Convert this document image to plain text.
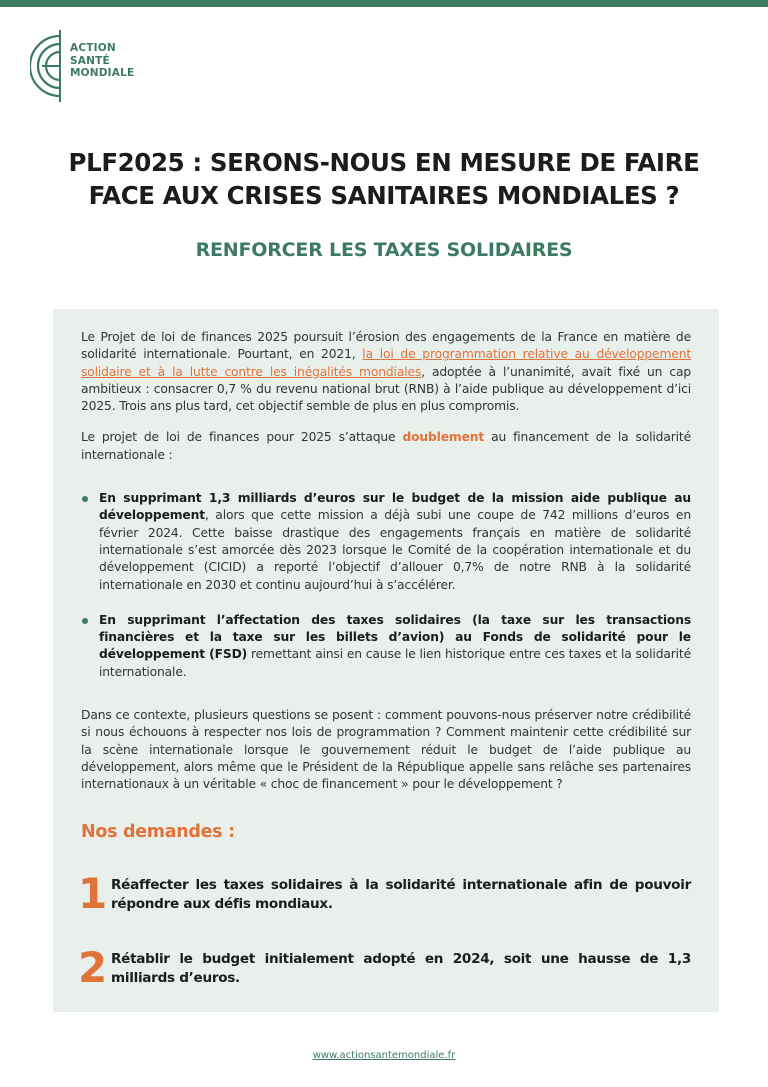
ACTION
SANTÉ
MONDIALE
PLF2025 : SERONS-NOUS EN MESURE DE FAIRE
FACE AUX CRISES SANITAIRES MONDIALES ?
RENFORCER LES TAXES SOLIDAIRES

Le Projet de loi de finances 2025 poursuit l’érosion des engagements de la France en matière de solidarité internationale. Pourtant, en 2021, la loi de programmation relative au développement solidaire et à la lutte contre les inégalités mondiales, adoptée à l’unanimité, avait fixé un cap ambitieux : consacrer 0,7 % du revenu national brut (RNB) à l’aide publique au développement d’ici 2025. Trois ans plus tard, cet objectif semble de plus en plus compromis.

Le projet de loi de finances pour 2025 s’attaque doublement au financement de la solidarité internationale :

En supprimant 1,3 milliards d’euros sur le budget de la mission aide publique au développement, alors que cette mission a déjà subi une coupe de 742 millions d’euros en février 2024. Cette baisse drastique des engagements français en matière de solidarité internationale s’est amorcée dès 2023 lorsque le Comité de la coopération internationale et du développement (CICID) a reporté l’objectif d’allouer 0,7% de notre RNB à la solidarité internationale en 2030 et continu aujourd’hui à s’accélérer.

En supprimant l’affectation des taxes solidaires (la taxe sur les transactions financières et la taxe sur les billets d’avion) au Fonds de solidarité pour le développement (FSD) remettant ainsi en cause le lien historique entre ces taxes et la solidarité internationale.

Dans ce contexte, plusieurs questions se posent : comment pouvons-nous préserver notre crédibilité si nous échouons à respecter nos lois de programmation ? Comment maintenir cette crédibilité sur la scène internationale lorsque le gouvernement réduit le budget de l’aide publique au développement, alors même que le Président de la République appelle sans relâche ses partenaires internationaux à un véritable « choc de financement » pour le développement ?

Nos demandes :
1 Réaffecter les taxes solidaires à la solidarité internationale afin de pouvoir répondre aux défis mondiaux.
2 Rétablir le budget initialement adopté en 2024, soit une hausse de 1,3 milliards d’euros.
www.actionsantemondiale.fr
